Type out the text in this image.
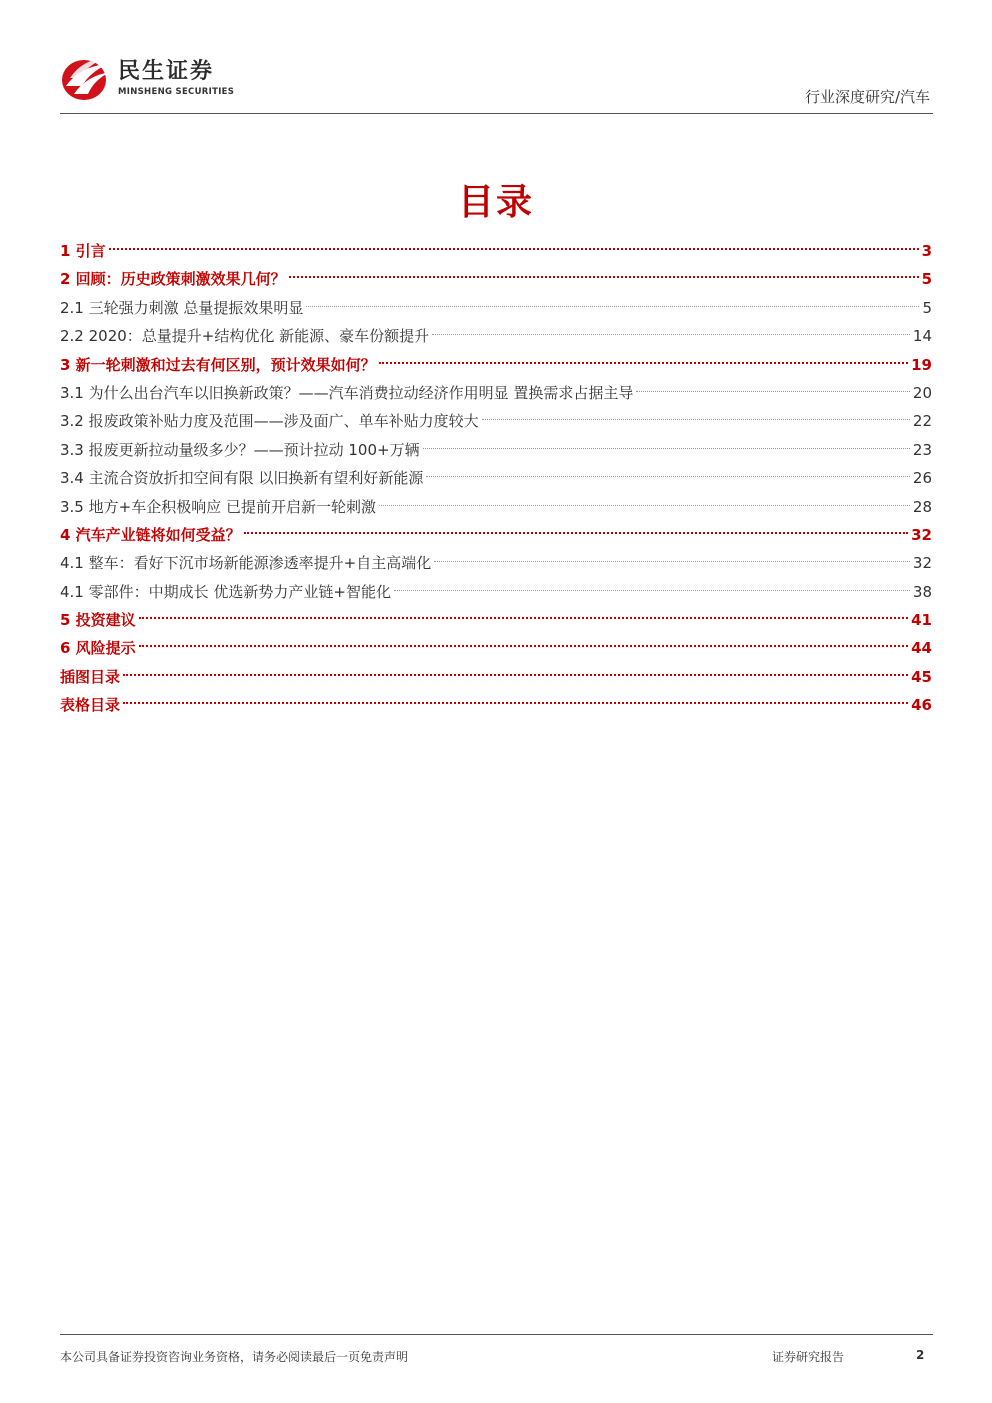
民生证券
MINSHENG SECURITIES	行业深度研究/汽车
目录
1 引言	3
2 回顾：历史政策刺激效果几何？	5
2.1 三轮强力刺激 总量提振效果明显	5
2.2 2020：总量提升+结构优化 新能源、豪车份额提升	14
3 新一轮刺激和过去有何区别，预计效果如何？	19
3.1 为什么出台汽车以旧换新政策？——汽车消费拉动经济作用明显 置换需求占据主导	20
3.2 报废政策补贴力度及范围——涉及面广、单车补贴力度较大	22
3.3 报废更新拉动量级多少？——预计拉动 100+万辆	23
3.4 主流合资放折扣空间有限 以旧换新有望利好新能源	26
3.5 地方+车企积极响应 已提前开启新一轮刺激	28
4 汽车产业链将如何受益？	32
4.1 整车：看好下沉市场新能源渗透率提升+自主高端化	32
4.1 零部件：中期成长 优选新势力产业链+智能化	38
5 投资建议	41
6 风险提示	44
插图目录	45
表格目录	46
本公司具备证券投资咨询业务资格，请务必阅读最后一页免责声明	证券研究报告	2
